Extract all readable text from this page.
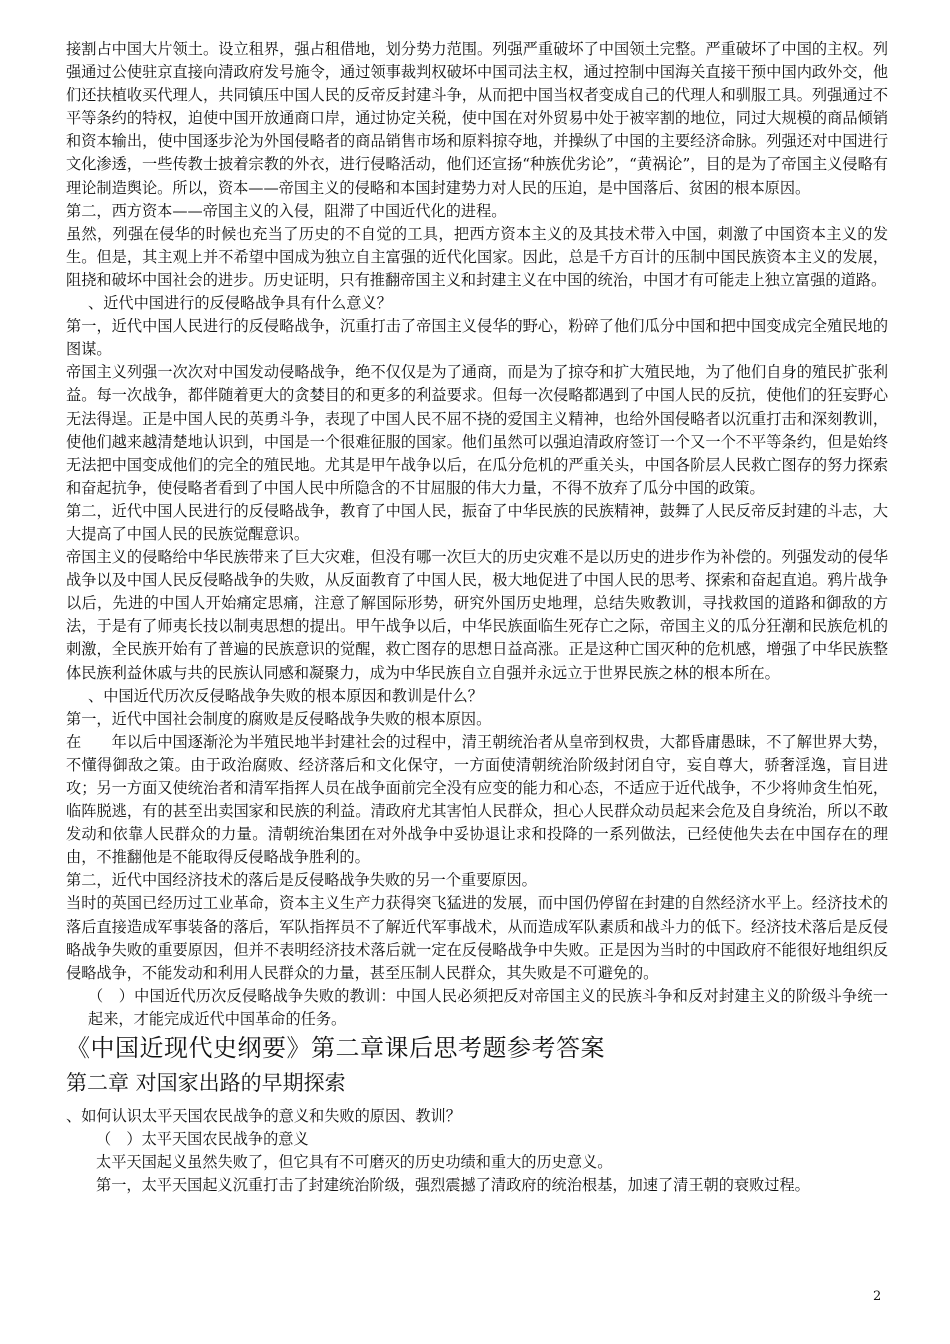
接割占中国大片领土。设立租界，强占租借地，划分势力范围。列强严重破坏了中国领土完整。严重破坏了中国的主权。列强通过公使驻京直接向清政府发号施令，通过领事裁判权破坏中国司法主权，通过控制中国海关直接干预中国内政外交，他们还扶植收买代理人，共同镇压中国人民的反帝反封建斗争，从而把中国当权者变成自己的代理人和驯服工具。列强通过不平等条约的特权，迫使中国开放通商口岸，通过协定关税，使中国在对外贸易中处于被宰割的地位，同过大规模的商品倾销和资本输出，使中国逐步沦为外国侵略者的商品销售市场和原料掠夺地，并操纵了中国的主要经济命脉。列强还对中国进行文化渗透，一些传教士披着宗教的外衣，进行侵略活动，他们还宣扬“种族优劣论”，“黄祸论”，目的是为了帝国主义侵略有理论制造舆论。所以，资本——帝国主义的侵略和本国封建势力对人民的压迫，是中国落后、贫困的根本原因。

第二，西方资本——帝国主义的入侵，阻滞了中国近代化的进程。

虽然，列强在侵华的时候也充当了历史的不自觉的工具，把西方资本主义的及其技术带入中国，刺激了中国资本主义的发生。但是，其主观上并不希望中国成为独立自主富强的近代化国家。因此，总是千方百计的压制中国民族资本主义的发展，阻挠和破坏中国社会的进步。历史证明，只有推翻帝国主义和封建主义在中国的统治，中国才有可能走上独立富强的道路。

、近代中国进行的反侵略战争具有什么意义？

第一，近代中国人民进行的反侵略战争，沉重打击了帝国主义侵华的野心，粉碎了他们瓜分中国和把中国变成完全殖民地的图谋。

帝国主义列强一次次对中国发动侵略战争，绝不仅仅是为了通商，而是为了掠夺和扩大殖民地，为了他们自身的殖民扩张利益。每一次战争，都伴随着更大的贪婪目的和更多的利益要求。但每一次侵略都遇到了中国人民的反抗，使他们的狂妄野心无法得逞。正是中国人民的英勇斗争，表现了中国人民不屈不挠的爱国主义精神，也给外国侵略者以沉重打击和深刻教训，使他们越来越清楚地认识到，中国是一个很难征服的国家。他们虽然可以强迫清政府签订一个又一个不平等条约，但是始终无法把中国变成他们的完全的殖民地。尤其是甲午战争以后，在瓜分危机的严重关头，中国各阶层人民救亡图存的努力探索和奋起抗争，使侵略者看到了中国人民中所隐含的不甘屈服的伟大力量，不得不放弃了瓜分中国的政策。

第二，近代中国人民进行的反侵略战争，教育了中国人民，振奋了中华民族的民族精神，鼓舞了人民反帝反封建的斗志，大大提高了中国人民的民族觉醒意识。

帝国主义的侵略给中华民族带来了巨大灾难，但没有哪一次巨大的历史灾难不是以历史的进步作为补偿的。列强发动的侵华战争以及中国人民反侵略战争的失败，从反面教育了中国人民，极大地促进了中国人民的思考、探索和奋起直追。鸦片战争以后，先进的中国人开始痛定思痛，注意了解国际形势，研究外国历史地理，总结失败教训，寻找救国的道路和御敌的方法，于是有了师夷长技以制夷思想的提出。甲午战争以后，中华民族面临生死存亡之际，帝国主义的瓜分狂潮和民族危机的刺激，全民族开始有了普遍的民族意识的觉醒，救亡图存的思想日益高涨。正是这种亡国灭种的危机感，增强了中华民族整体民族利益休戚与共的民族认同感和凝聚力，成为中华民族自立自强并永远立于世界民族之林的根本所在。

、中国近代历次反侵略战争失败的根本原因和教训是什么？

第一，近代中国社会制度的腐败是反侵略战争失败的根本原因。

在　　年以后中国逐渐沦为半殖民地半封建社会的过程中，清王朝统治者从皇帝到权贵，大都昏庸愚昧，不了解世界大势，不懂得御敌之策。由于政治腐败、经济落后和文化保守，一方面使清朝统治阶级封闭自守，妄自尊大，骄奢淫逸，盲目进攻；另一方面又使统治者和清军指挥人员在战争面前完全没有应变的能力和心态，不适应于近代战争，不少将帅贪生怕死，临阵脱逃，有的甚至出卖国家和民族的利益。清政府尤其害怕人民群众，担心人民群众动员起来会危及自身统治，所以不敢发动和依靠人民群众的力量。清朝统治集团在对外战争中妥协退让求和投降的一系列做法，已经使他失去在中国存在的理由，不推翻他是不能取得反侵略战争胜利的。

第二，近代中国经济技术的落后是反侵略战争失败的另一个重要原因。

当时的英国已经历过工业革命，资本主义生产力获得突飞猛进的发展，而中国仍停留在封建的自然经济水平上。经济技术的落后直接造成军事装备的落后，军队指挥员不了解近代军事战术，从而造成军队素质和战斗力的低下。经济技术落后是反侵略战争失败的重要原因，但并不表明经济技术落后就一定在反侵略战争中失败。正是因为当时的中国政府不能很好地组织反侵略战争，不能发动和利用人民群众的力量，甚至压制人民群众，其失败是不可避免的。

（　）中国近代历次反侵略战争失败的教训：中国人民必须把反对帝国主义的民族斗争和反对封建主义的阶级斗争统一起来，才能完成近代中国革命的任务。

《中国近现代史纲要》第二章课后思考题参考答案
第二章 对国家出路的早期探索

、如何认识太平天国农民战争的意义和失败的原因、教训？

（　）太平天国农民战争的意义

太平天国起义虽然失败了，但它具有不可磨灭的历史功绩和重大的历史意义。

第一，太平天国起义沉重打击了封建统治阶级，强烈震撼了清政府的统治根基，加速了清王朝的衰败过程。

2
